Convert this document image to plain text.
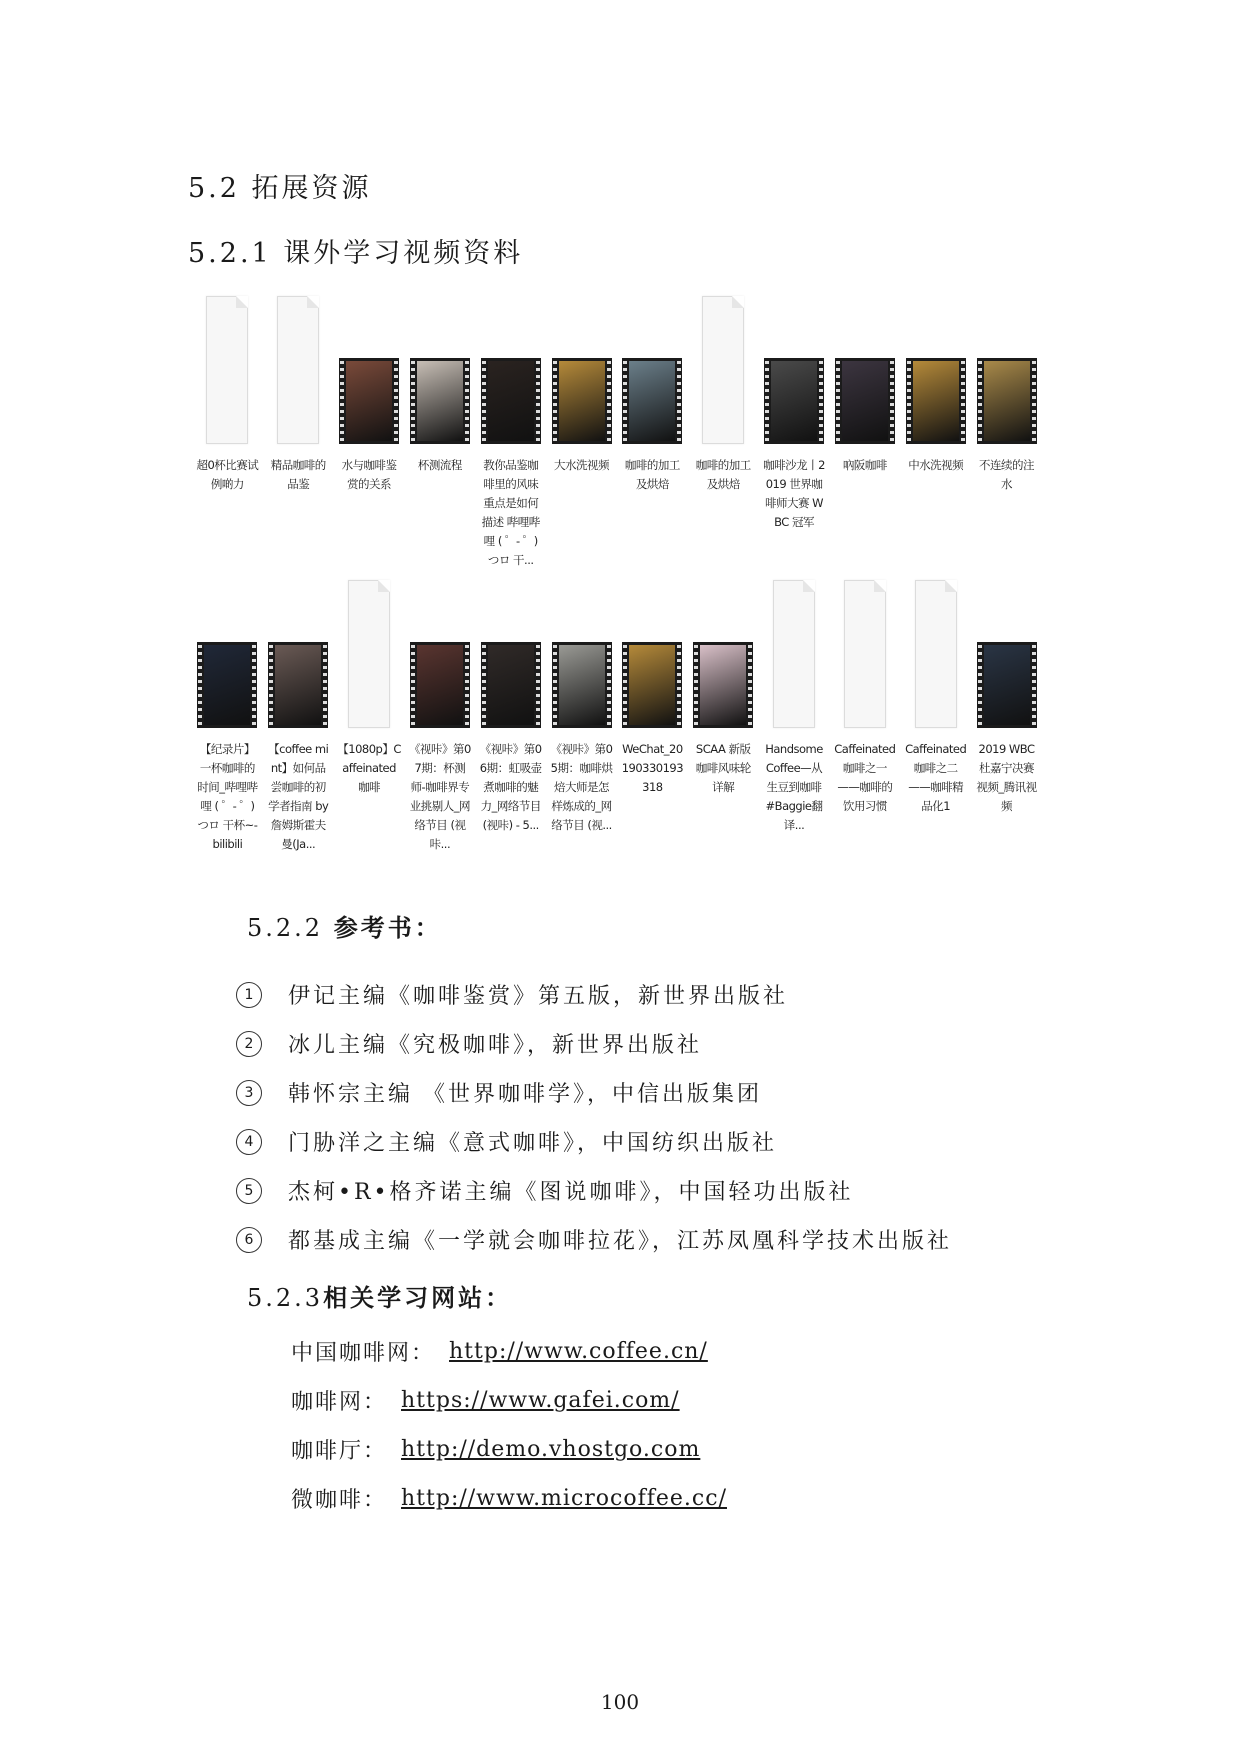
5.2 拓展资源
5.2.1 课外学习视频资料
超0杯比赛试例啲力
精品咖啡的品鉴
水与咖啡鉴赏的关系
杯测流程	教你品鉴咖啡里的风味 重点是如何描述 哔哩哔哩 ( ゜- ゜)つロ 干...
大水洗视频	咖啡的加工及烘焙
咖啡的加工及烘焙
咖啡沙龙丨2019 世界咖啡师大赛 WBC 冠军
吶阪咖啡	中水洗视频	不连续的注水
【纪录片】一杯咖啡的时间_哔哩哔哩 ( ゜- ゜)つロ 干杯~-bilibili
【coffee mint】如何品尝咖啡的初学者指南 by 詹姆斯霍夫曼(Ja...
【1080p】Caffeinated咖啡
《视咔》第07期：杯测师-咖啡界专业挑剔人_网络节目 (视咔...
《视咔》第06期：虹吸壶煮咖啡的魅力_网络节目 (视咔) - 5...
《视咔》第05期：咖啡烘焙大师是怎样炼成的_网络节目 (视...
WeChat_20190330193318
SCAA 新版咖啡风味轮详解
Handsome Coffee—从生豆到咖啡 #Baggie翻译...
Caffeinated咖啡之一——咖啡的饮用习惯
Caffeinated咖啡之二——咖啡精品化1
2019 WBC 杜嘉宁决赛视频_腾讯视频
5.2.2 参考书：
1	伊记主编《咖啡鉴赏》第五版，新世界出版社
2	冰儿主编《究极咖啡》，新世界出版社
3	韩怀宗主编 《世界咖啡学》，中信出版集团
4	门胁洋之主编《意式咖啡》，中国纺织出版社
5	杰柯•R•格齐诺主编《图说咖啡》，中国轻功出版社
6	都基成主编《一学就会咖啡拉花》，江苏凤凰科学技术出版社
5.2.3相关学习网站：
中国咖啡网： http://www.coffee.cn/
咖啡网： https://www.gafei.com/
咖啡厅： http://demo.vhostgo.com
微咖啡： http://www.microcoffee.cc/
100
